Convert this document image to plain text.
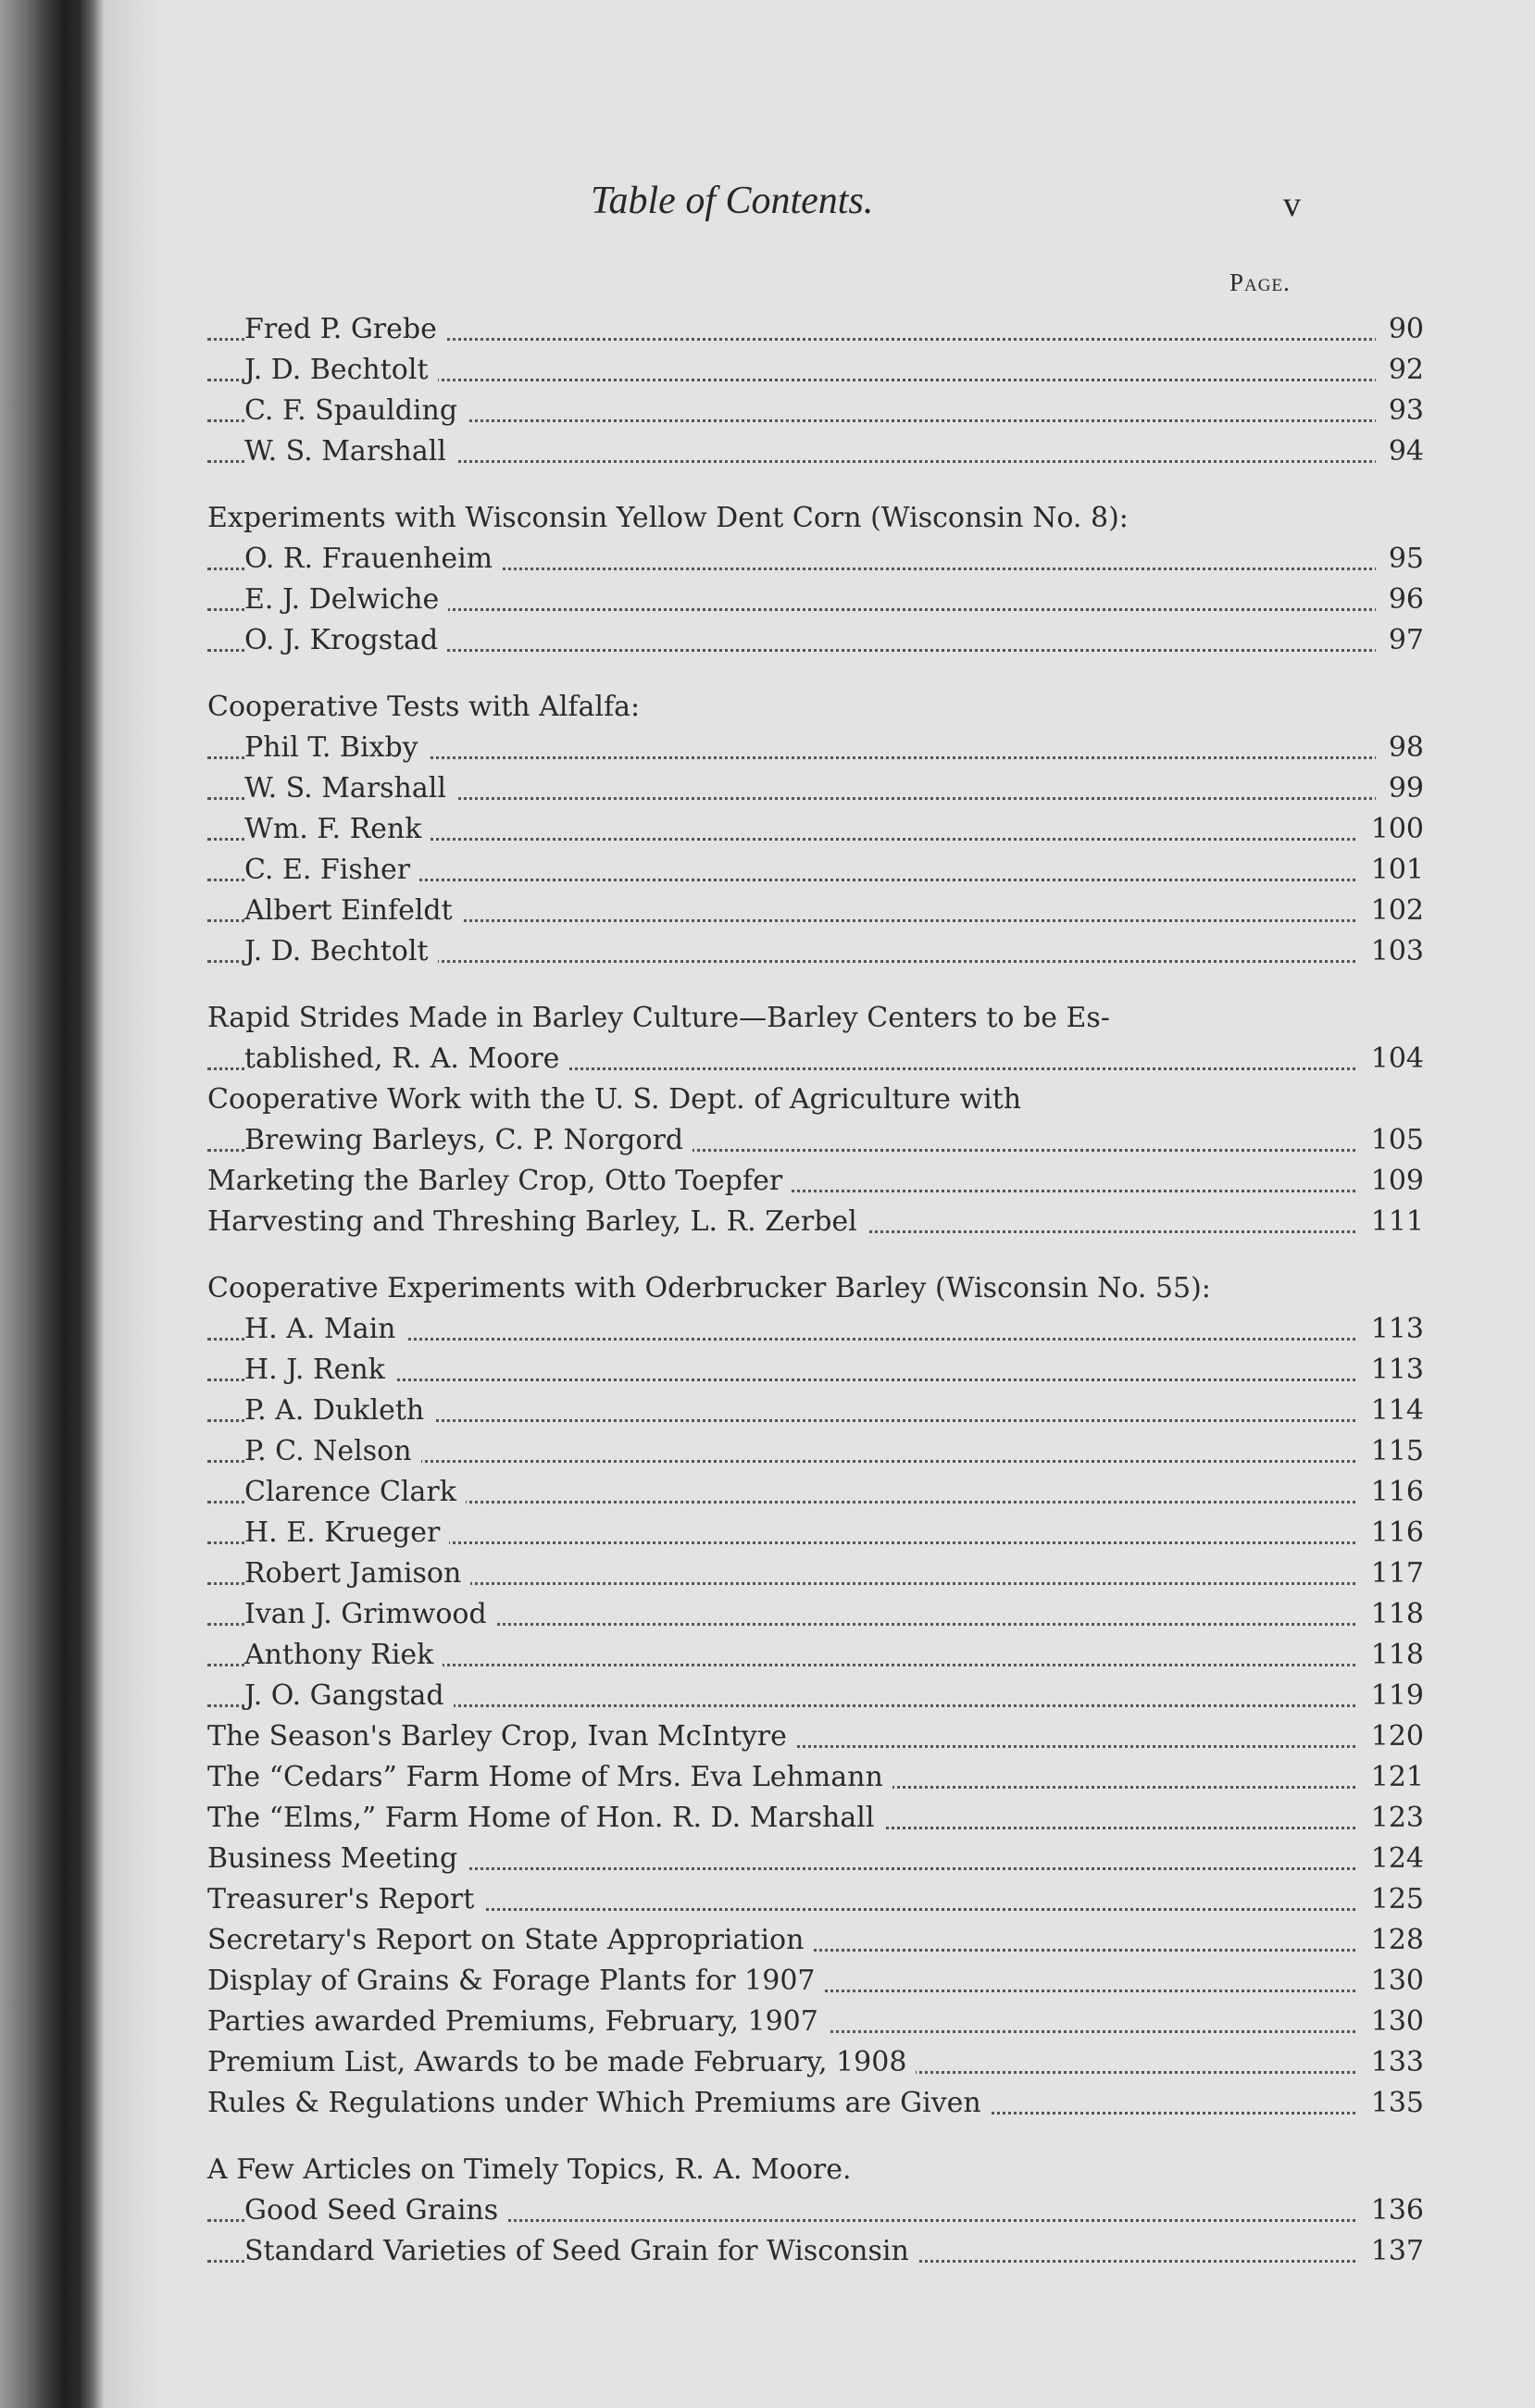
Table of Contents.	v
Page.
Fred P. Grebe	90
J. D. Bechtolt	92
C. F. Spaulding	93
W. S. Marshall	94
Experiments with Wisconsin Yellow Dent Corn (Wisconsin No. 8):
O. R. Frauenheim	95
E. J. Delwiche	96
O. J. Krogstad	97
Cooperative Tests with Alfalfa:
Phil T. Bixby	98
W. S. Marshall	99
Wm. F. Renk	100
C. E. Fisher	101
Albert Einfeldt	102
J. D. Bechtolt	103
Rapid Strides Made in Barley Culture—Barley Centers to be Es-
tablished, R. A. Moore	104
Cooperative Work with the U. S. Dept. of Agriculture with
Brewing Barleys, C. P. Norgord	105
Marketing the Barley Crop, Otto Toepfer	109
Harvesting and Threshing Barley, L. R. Zerbel	111
Cooperative Experiments with Oderbrucker Barley (Wisconsin No. 55):
H. A. Main	113
H. J. Renk	113
P. A. Dukleth	114
P. C. Nelson	115
Clarence Clark	116
H. E. Krueger	116
Robert Jamison	117
Ivan J. Grimwood	118
Anthony Riek	118
J. O. Gangstad	119
The Season's Barley Crop, Ivan McIntyre	120
The “Cedars” Farm Home of Mrs. Eva Lehmann	121
The “Elms,” Farm Home of Hon. R. D. Marshall	123
Business Meeting	124
Treasurer's Report	125
Secretary's Report on State Appropriation	128
Display of Grains & Forage Plants for 1907	130
Parties awarded Premiums, February, 1907	130
Premium List, Awards to be made February, 1908	133
Rules & Regulations under Which Premiums are Given	135
A Few Articles on Timely Topics, R. A. Moore.
Good Seed Grains	136
Standard Varieties of Seed Grain for Wisconsin	137
